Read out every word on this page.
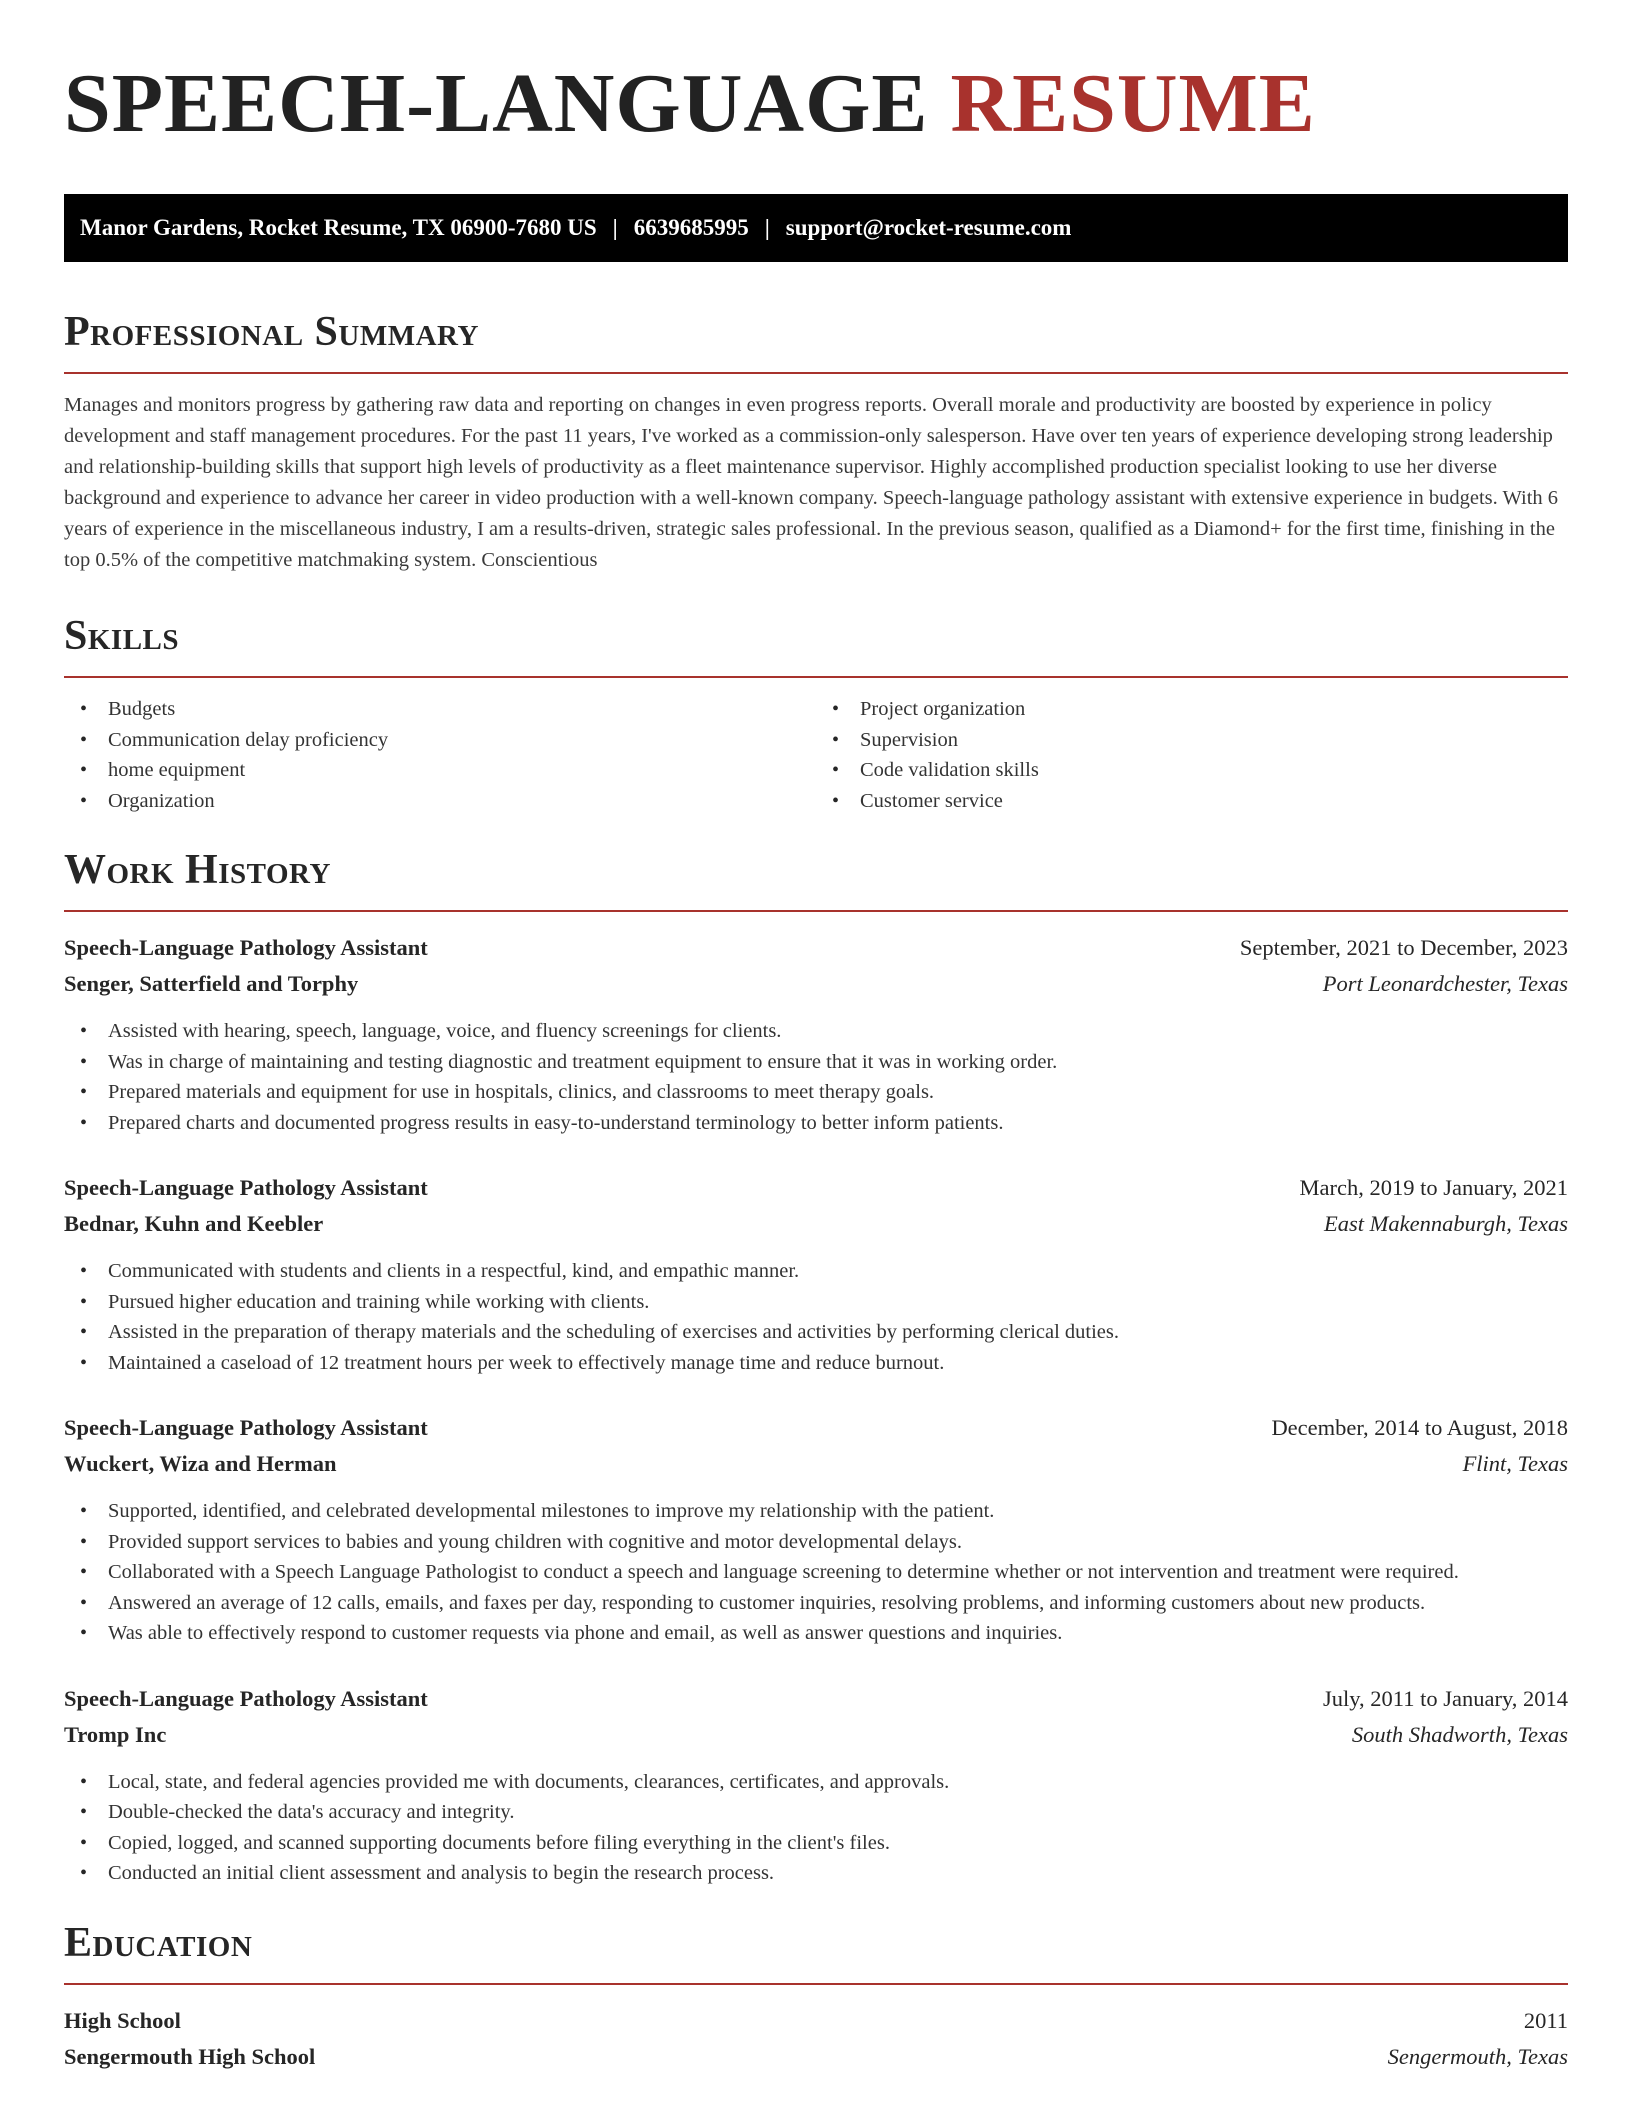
SPEECH-LANGUAGE RESUME
Manor Gardens, Rocket Resume, TX 06900-7680 US | 6639685995 | support@rocket-resume.com
Professional Summary

Manages and monitors progress by gathering raw data and reporting on changes in even progress reports. Overall morale and productivity are boosted by experience in policy development and staff management procedures. For the past 11 years, I've worked as a commission-only salesperson. Have over ten years of experience developing strong leadership and relationship-building skills that support high levels of productivity as a fleet maintenance supervisor. Highly accomplished production specialist looking to use her diverse background and experience to advance her career in video production with a well-known company. Speech-language pathology assistant with extensive experience in budgets. With 6 years of experience in the miscellaneous industry, I am a results-driven, strategic sales professional. In the previous season, qualified as a Diamond+ for the first time, finishing in the top 0.5% of the competitive matchmaking system. Conscientious

Skills
• Budgets
• Communication delay proficiency
• home equipment
• Organization
• Project organization
• Supervision
• Code validation skills
• Customer service
Work History
Speech-Language Pathology Assistant	September, 2021 to December, 2023
Senger, Satterfield and Torphy	Port Leonardchester, Texas
• Assisted with hearing, speech, language, voice, and fluency screenings for clients.
• Was in charge of maintaining and testing diagnostic and treatment equipment to ensure that it was in working order.
• Prepared materials and equipment for use in hospitals, clinics, and classrooms to meet therapy goals.
• Prepared charts and documented progress results in easy-to-understand terminology to better inform patients.
Speech-Language Pathology Assistant	March, 2019 to January, 2021
Bednar, Kuhn and Keebler	East Makennaburgh, Texas
• Communicated with students and clients in a respectful, kind, and empathic manner.
• Pursued higher education and training while working with clients.
• Assisted in the preparation of therapy materials and the scheduling of exercises and activities by performing clerical duties.
• Maintained a caseload of 12 treatment hours per week to effectively manage time and reduce burnout.
Speech-Language Pathology Assistant	December, 2014 to August, 2018
Wuckert, Wiza and Herman	Flint, Texas
• Supported, identified, and celebrated developmental milestones to improve my relationship with the patient.
• Provided support services to babies and young children with cognitive and motor developmental delays.
• Collaborated with a Speech Language Pathologist to conduct a speech and language screening to determine whether or not intervention and treatment were required.
• Answered an average of 12 calls, emails, and faxes per day, responding to customer inquiries, resolving problems, and informing customers about new products.
• Was able to effectively respond to customer requests via phone and email, as well as answer questions and inquiries.
Speech-Language Pathology Assistant	July, 2011 to January, 2014
Tromp Inc	South Shadworth, Texas
• Local, state, and federal agencies provided me with documents, clearances, certificates, and approvals.
• Double-checked the data's accuracy and integrity.
• Copied, logged, and scanned supporting documents before filing everything in the client's files.
• Conducted an initial client assessment and analysis to begin the research process.
Education
High School	2011
Sengermouth High School	Sengermouth, Texas
